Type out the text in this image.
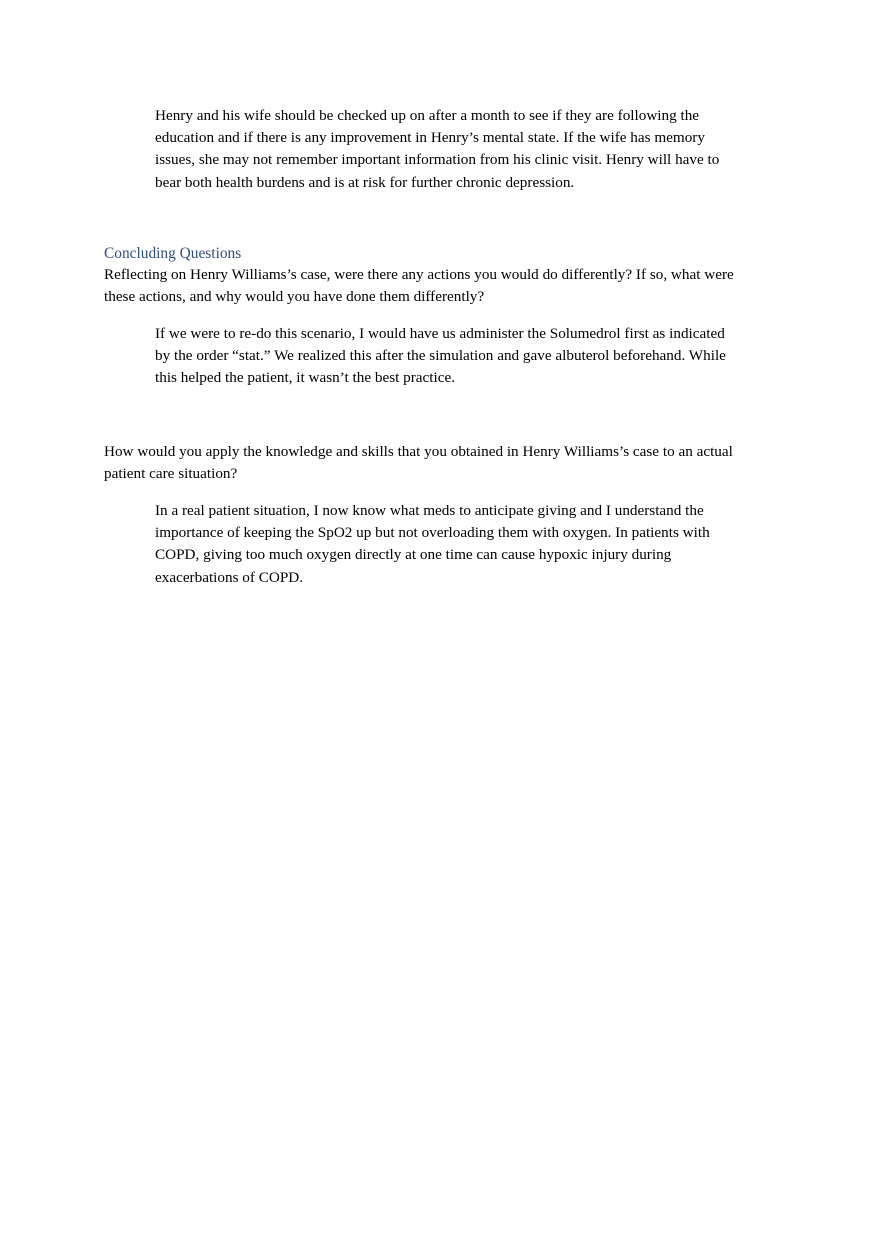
Henry and his wife should be checked up on after a month to see if they are following the
education and if there is any improvement in Henry’s mental state. If the wife has memory
issues, she may not remember important information from his clinic visit. Henry will have to
bear both health burdens and is at risk for further chronic depression.

Concluding Questions

Reflecting on Henry Williams’s case, were there any actions you would do differently? If so, what were
these actions, and why would you have done them differently?

If we were to re-do this scenario, I would have us administer the Solumedrol first as indicated
by the order “stat.” We realized this after the simulation and gave albuterol beforehand. While
this helped the patient, it wasn’t the best practice.

How would you apply the knowledge and skills that you obtained in Henry Williams’s case to an actual
patient care situation?

In a real patient situation, I now know what meds to anticipate giving and I understand the
importance of keeping the SpO2 up but not overloading them with oxygen. In patients with
COPD, giving too much oxygen directly at one time can cause hypoxic injury during
exacerbations of COPD.
